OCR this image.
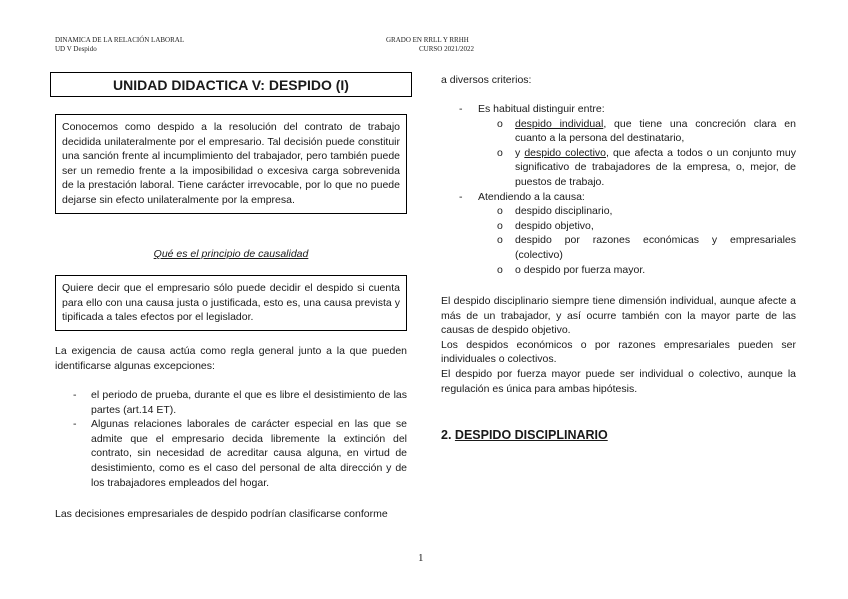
DINAMICA DE LA RELACIÓN LABORAL
UD V Despido
GRADO EN RRLL Y RRHH
CURSO 2021/2022
UNIDAD DIDACTICA V: DESPIDO (I)

Conocemos como despido a la resolución del contrato de trabajo decidida unilateralmente por el empresario. Tal decisión puede constituir una sanción frente al incumplimiento del trabajador, pero también puede ser un remedio frente a la imposibilidad o excesiva carga sobrevenida de la prestación laboral. Tiene carácter irrevocable, por lo que no puede dejarse sin efecto unilateralmente por la empresa.

Qué es el principio de causalidad

Quiere decir que el empresario sólo puede decidir el despido si cuenta para ello con una causa justa o justificada, esto es, una causa prevista y tipificada a tales efectos por el legislador.

La exigencia de causa actúa como regla general junto a la que pueden identificarse algunas excepciones:

- el periodo de prueba, durante el que es libre el desistimiento de las partes (art.14 ET).

- Algunas relaciones laborales de carácter especial en las que se admite que el empresario decida libremente la extinción del contrato, sin necesidad de acreditar causa alguna, en virtud de desistimiento, como es el caso del personal de alta dirección y de los trabajadores empleados del hogar.

Las decisiones empresariales de despido podrían clasificarse conforme

a diversos criterios:

- Es habitual distinguir entre:

o despido individual, que tiene una concreción clara en cuanto a la persona del destinatario,
o y despido colectivo, que afecta a todos o un conjunto muy significativo de trabajadores de la empresa, o, mejor, de puestos de trabajo.
- Atendiendo a la causa:

o despido disciplinario,

o despido objetivo,

o despido por razones económicas y empresariales (colectivo)

o o despido por fuerza mayor.

El despido disciplinario siempre tiene dimensión individual, aunque afecte a más de un trabajador, y así ocurre también con la mayor parte de las causas de despido objetivo.

Los despidos económicos o por razones empresariales pueden ser individuales o colectivos.

El despido por fuerza mayor puede ser individual o colectivo, aunque la regulación es única para ambas hipótesis.

2. DESPIDO DISCIPLINARIO
1
